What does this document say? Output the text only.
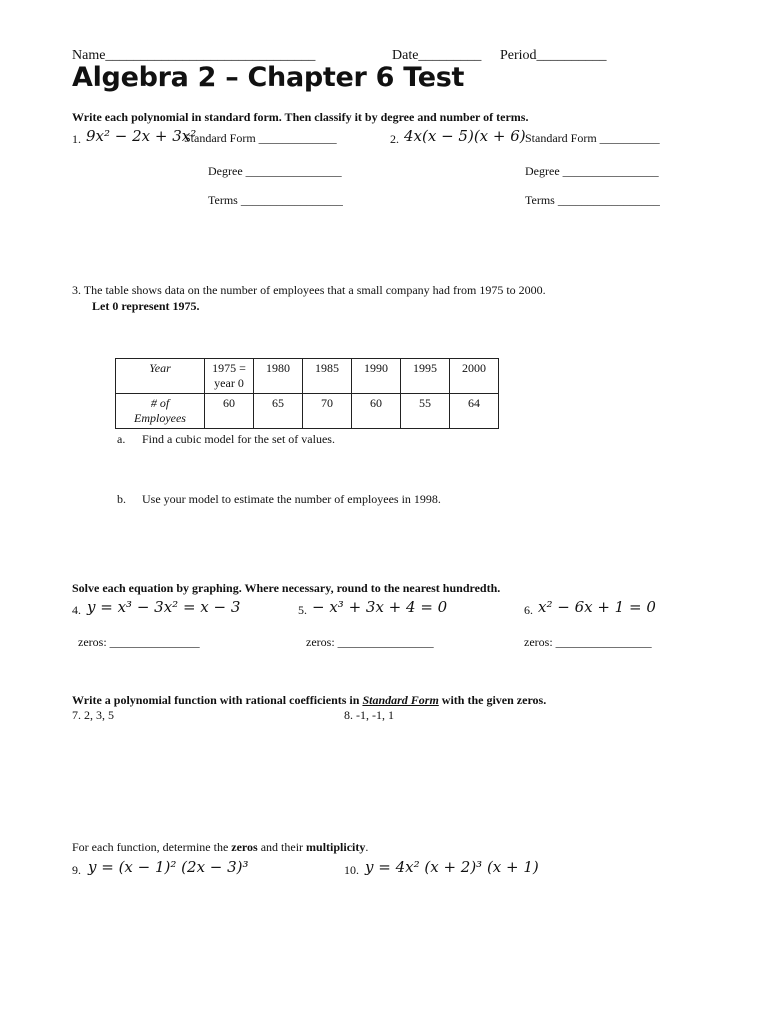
Name______________________________	Date_________ Period__________
Algebra 2 – Chapter 6 Test
Write each polynomial in standard form. Then classify it by degree and number of terms.
1. 9x² − 2x + 3x²
Standard Form _____________
Degree ________________
Terms _________________
2. 4x(x − 5)(x + 6) Standard Form __________
Degree ________________
Terms _________________
3. The table shows data on the number of employees that a small company had from 1975 to 2000.
Let 0 represent 1975.
Year	1975 =
year 0	1980	1985	1990	1995	2000

# of
Employees	60	65	70	60	55	64
a. Find a cubic model for the set of values.
b. Use your model to estimate the number of employees in 1998.
Solve each equation by graphing. Where necessary, round to the nearest hundredth.
4. y = x³ − 3x² = x − 3	5. − x³ + 3x + 4 = 0	6. x² − 6x + 1 = 0
zeros: _______________	zeros: ________________	zeros: ________________
Write a polynomial function with rational coefficients in Standard Form with the given zeros.
7. 2, 3, 5	8. -1, -1, 1
For each function, determine the zeros and their multiplicity.
9. y = (x − 1)² (2x − 3)³	10. y = 4x² (x + 2)³ (x + 1)
